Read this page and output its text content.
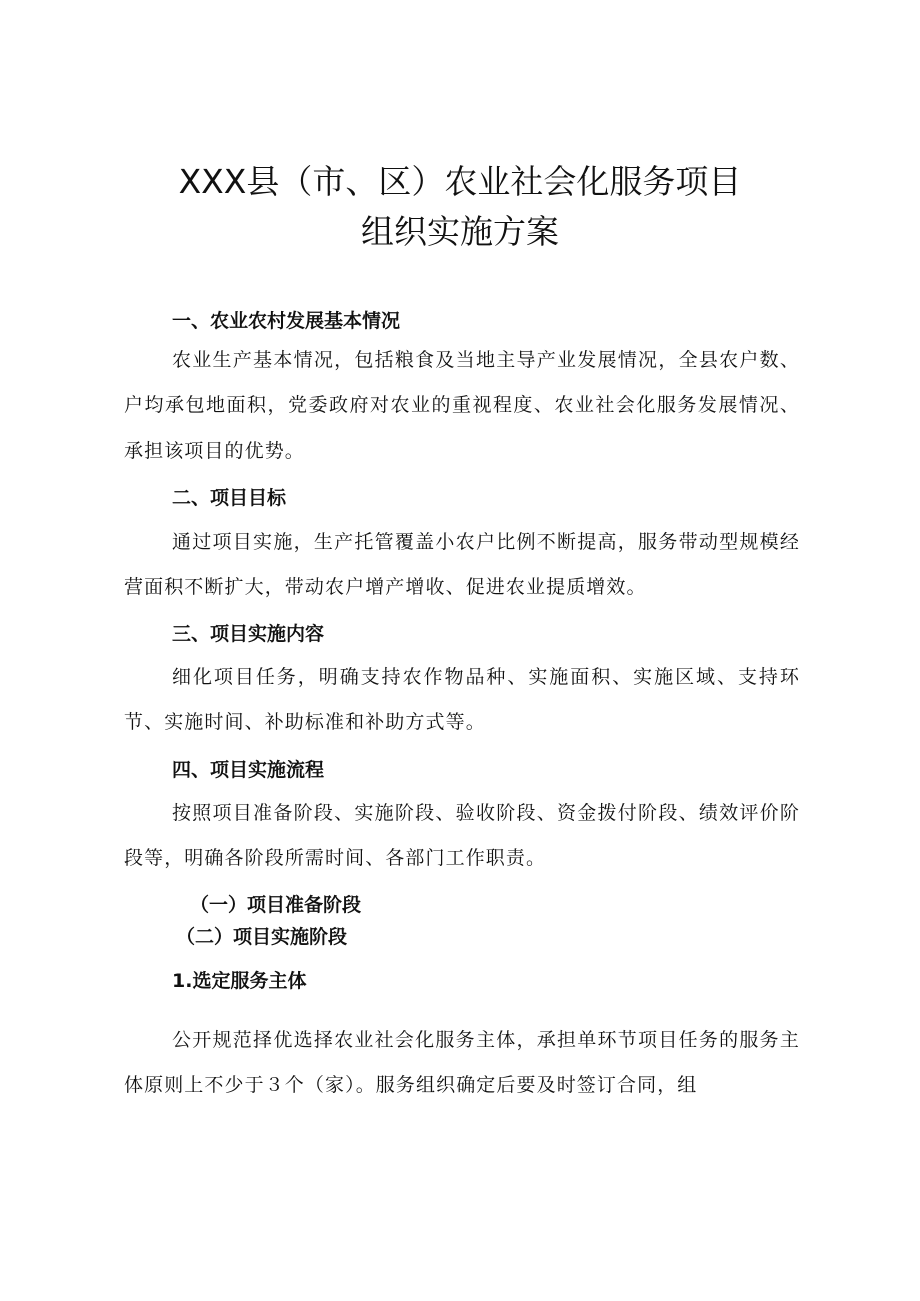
XXX县（市、区）农业社会化服务项目
组织实施方案
一、农业农村发展基本情况

农业生产基本情况，包括粮食及当地主导产业发展情况，全县农户数、户均承包地面积，党委政府对农业的重视程度、农业社会化服务发展情况、承担该项目的优势。

二、项目目标

通过项目实施，生产托管覆盖小农户比例不断提高，服务带动型规模经营面积不断扩大，带动农户增产增收、促进农业提质增效。

三、项目实施内容

细化项目任务，明确支持农作物品种、实施面积、实施区域、支持环节、实施时间、补助标准和补助方式等。

四、项目实施流程

按照项目准备阶段、实施阶段、验收阶段、资金拨付阶段、绩效评价阶段等，明确各阶段所需时间、各部门工作职责。

（一）项目准备阶段
（二）项目实施阶段
1.选定服务主体

公开规范择优选择农业社会化服务主体，承担单环节项目任务的服务主体原则上不少于３个（家）。服务组织确定后要及时签订合同，组
